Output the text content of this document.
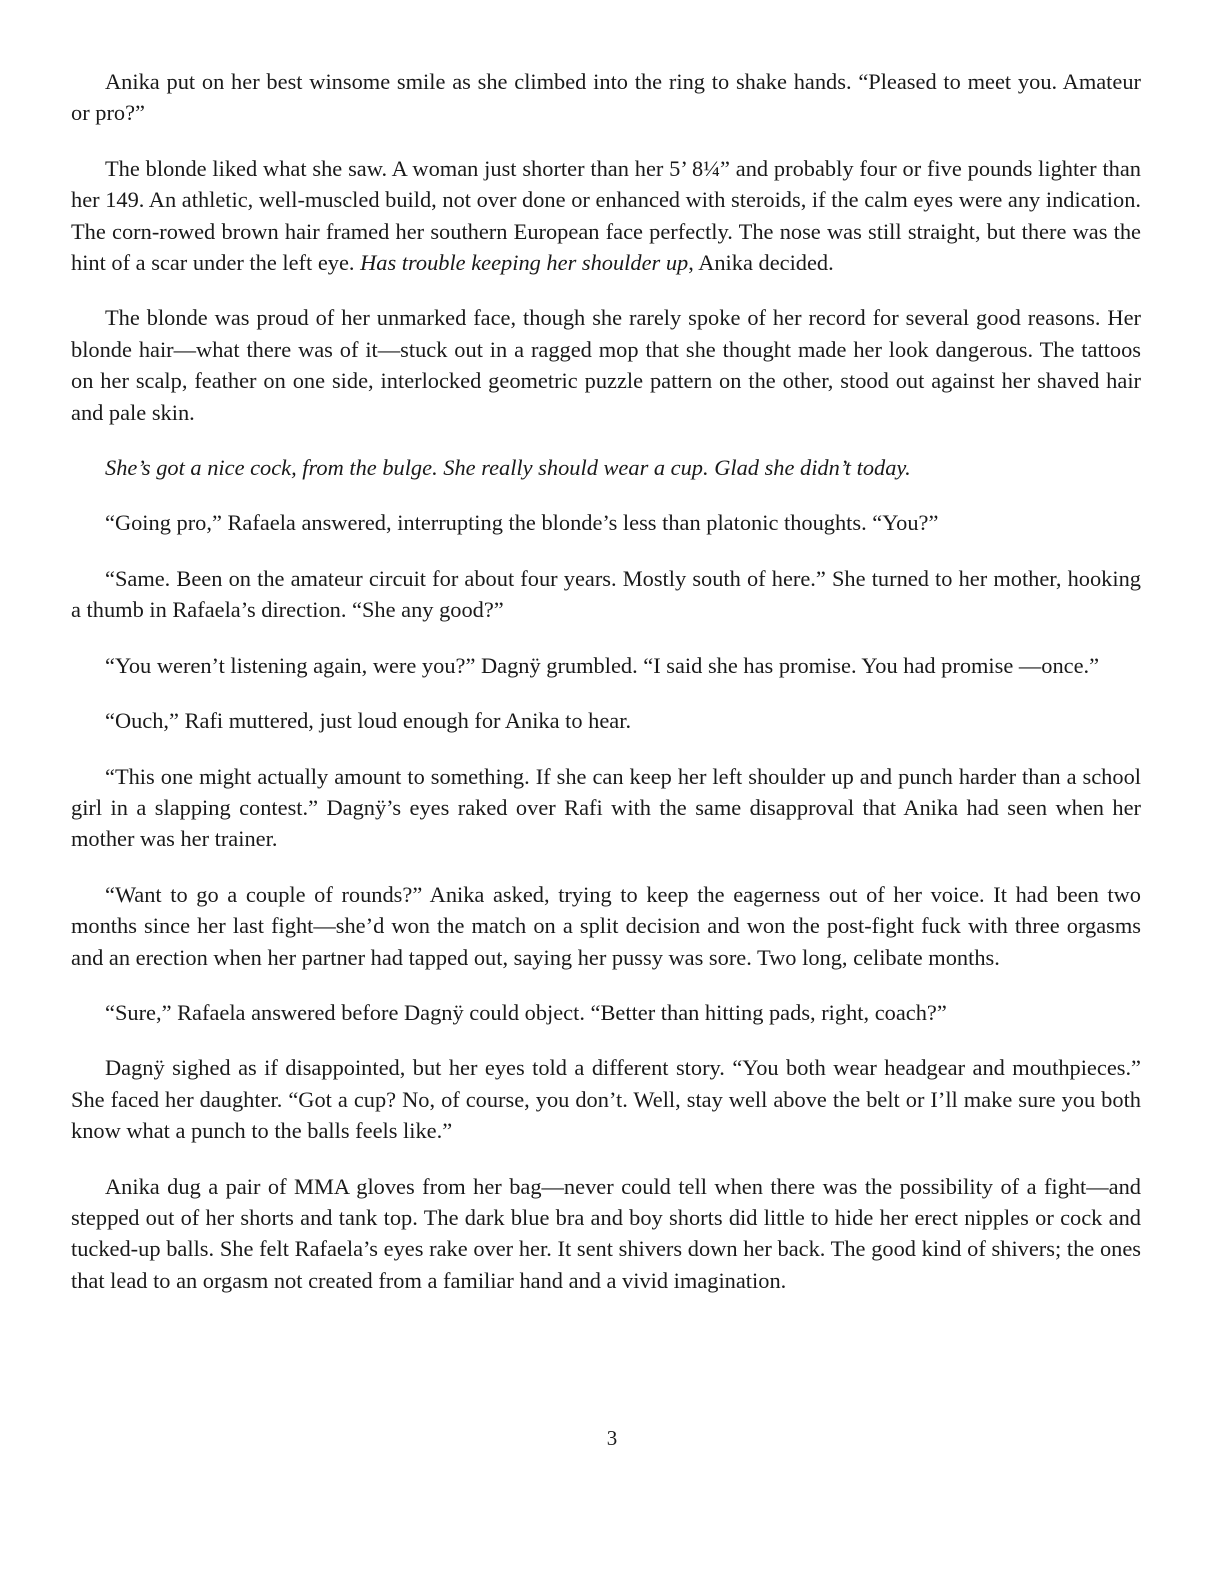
Anika put on her best winsome smile as she climbed into the ring to shake hands. “Pleased to meet you. Amateur or pro?”

The blonde liked what she saw. A woman just shorter than her 5’ 8¼” and probably four or five pounds lighter than her 149. An athletic, well-muscled build, not over done or enhanced with steroids, if the calm eyes were any indication. The corn-rowed brown hair framed her southern European face perfectly. The nose was still straight, but there was the hint of a scar under the left eye. Has trouble keeping her shoulder up, Anika decided.

The blonde was proud of her unmarked face, though she rarely spoke of her record for several good reasons. Her blonde hair—what there was of it—stuck out in a ragged mop that she thought made her look dangerous. The tattoos on her scalp, feather on one side, interlocked geometric puzzle pattern on the other, stood out against her shaved hair and pale skin.

She’s got a nice cock, from the bulge. She really should wear a cup. Glad she didn’t today.

“Going pro,” Rafaela answered, interrupting the blonde’s less than platonic thoughts. “You?”

“Same. Been on the amateur circuit for about four years. Mostly south of here.” She turned to her mother, hooking a thumb in Rafaela’s direction. “She any good?”

“You weren’t listening again, were you?” Dagnÿ grumbled. “I said she has promise. You had promise —once.”

“Ouch,” Rafi muttered, just loud enough for Anika to hear.

“This one might actually amount to something. If she can keep her left shoulder up and punch harder than a school girl in a slapping contest.” Dagnÿ’s eyes raked over Rafi with the same disapproval that Anika had seen when her mother was her trainer.

“Want to go a couple of rounds?” Anika asked, trying to keep the eagerness out of her voice. It had been two months since her last fight—she’d won the match on a split decision and won the post-fight fuck with three orgasms and an erection when her partner had tapped out, saying her pussy was sore. Two long, celibate months.

“Sure,” Rafaela answered before Dagnÿ could object. “Better than hitting pads, right, coach?”

Dagnÿ sighed as if disappointed, but her eyes told a different story. “You both wear headgear and mouthpieces.” She faced her daughter. “Got a cup? No, of course, you don’t. Well, stay well above the belt or I’ll make sure you both know what a punch to the balls feels like.”

Anika dug a pair of MMA gloves from her bag—never could tell when there was the possibility of a fight—and stepped out of her shorts and tank top. The dark blue bra and boy shorts did little to hide her erect nipples or cock and tucked-up balls. She felt Rafaela’s eyes rake over her. It sent shivers down her back. The good kind of shivers; the ones that lead to an orgasm not created from a familiar hand and a vivid imagination.

3
